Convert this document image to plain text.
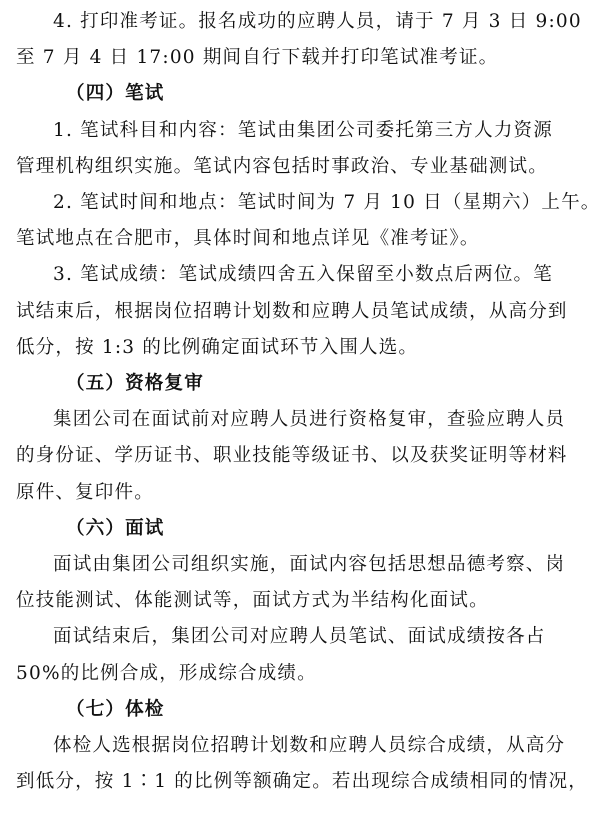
4. 打印准考证。报名成功的应聘人员，请于 7 月 3 日 9:00
至 7 月 4 日 17:00 期间自行下载并打印笔试准考证。

（四）笔试

1. 笔试科目和内容：笔试由集团公司委托第三方人力资源
管理机构组织实施。笔试内容包括时事政治、专业基础测试。

2. 笔试时间和地点：笔试时间为 7 月 10 日（星期六）上午。
笔试地点在合肥市，具体时间和地点详见《准考证》。

3. 笔试成绩：笔试成绩四舍五入保留至小数点后两位。笔
试结束后，根据岗位招聘计划数和应聘人员笔试成绩，从高分到
低分，按 1:3 的比例确定面试环节入围人选。

（五）资格复审

集团公司在面试前对应聘人员进行资格复审，查验应聘人员
的身份证、学历证书、职业技能等级证书、以及获奖证明等材料
原件、复印件。

（六）面试

面试由集团公司组织实施，面试内容包括思想品德考察、岗
位技能测试、体能测试等，面试方式为半结构化面试。

面试结束后，集团公司对应聘人员笔试、面试成绩按各占
50%的比例合成，形成综合成绩。

（七）体检

体检人选根据岗位招聘计划数和应聘人员综合成绩，从高分
到低分，按 1∶1 的比例等额确定。若出现综合成绩相同的情况，
